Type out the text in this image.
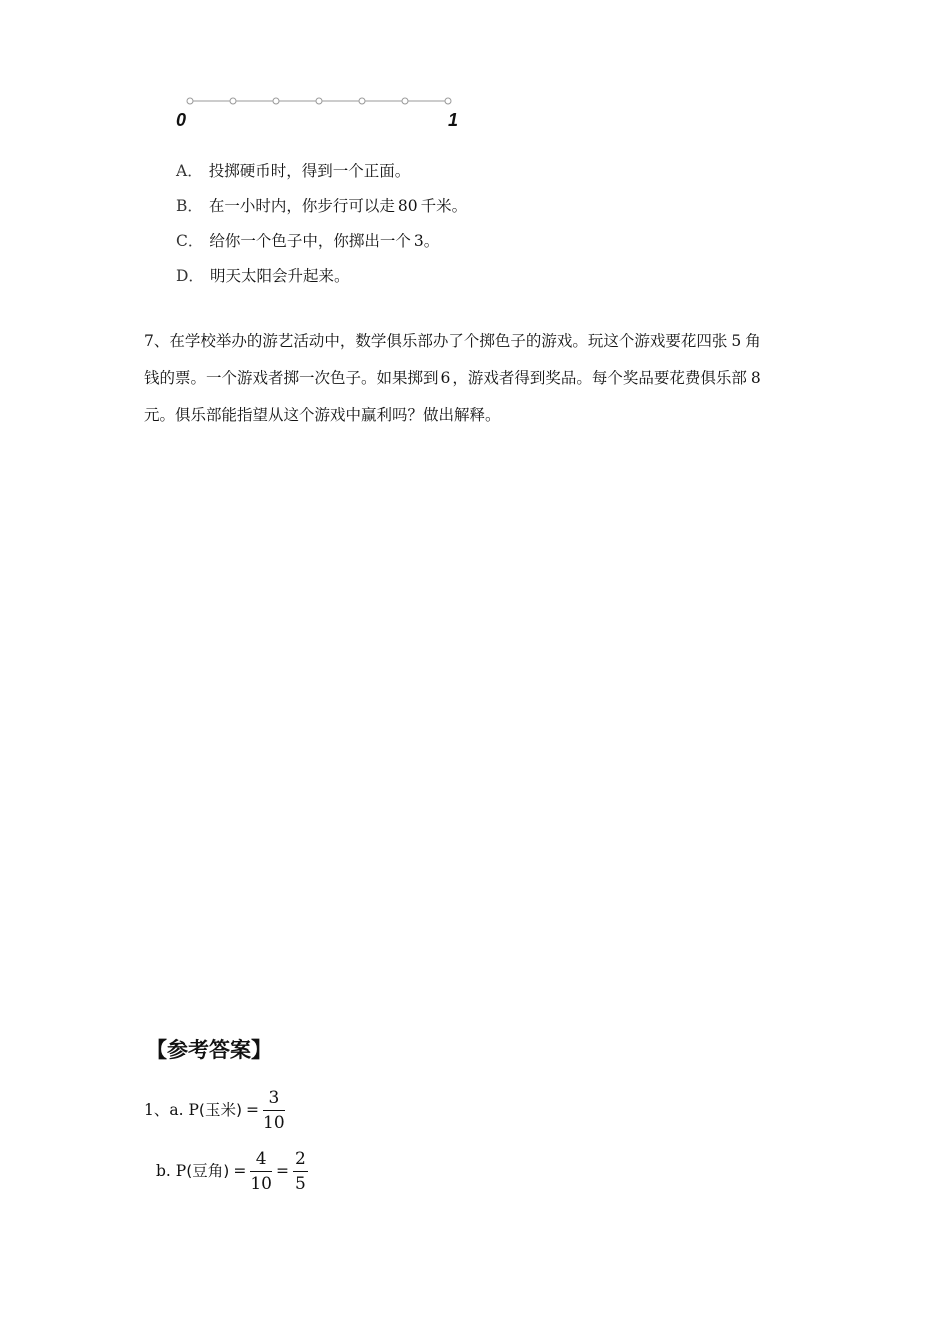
0	1
A． 投掷硬币时，得到一个正面。
B． 在一小时内，你步行可以走 80 千米。
C． 给你一个色子中，你掷出一个 3。
D． 明天太阳会升起来。

7、在学校举办的游艺活动中，数学俱乐部办了个掷色子的游戏。玩这个游戏要花四张 5 角

钱的票。一个游戏者掷一次色子。如果掷到 6 ，游戏者得到奖品。每个奖品要花费俱乐部 8

元。俱乐部能指望从这个游戏中赢利吗？做出解释。

【参考答案】
1、a. P(玉米) = $\frac{3}{10}$
b. P(豆角) = $\frac{4}{10} = \frac{2}{5}$
